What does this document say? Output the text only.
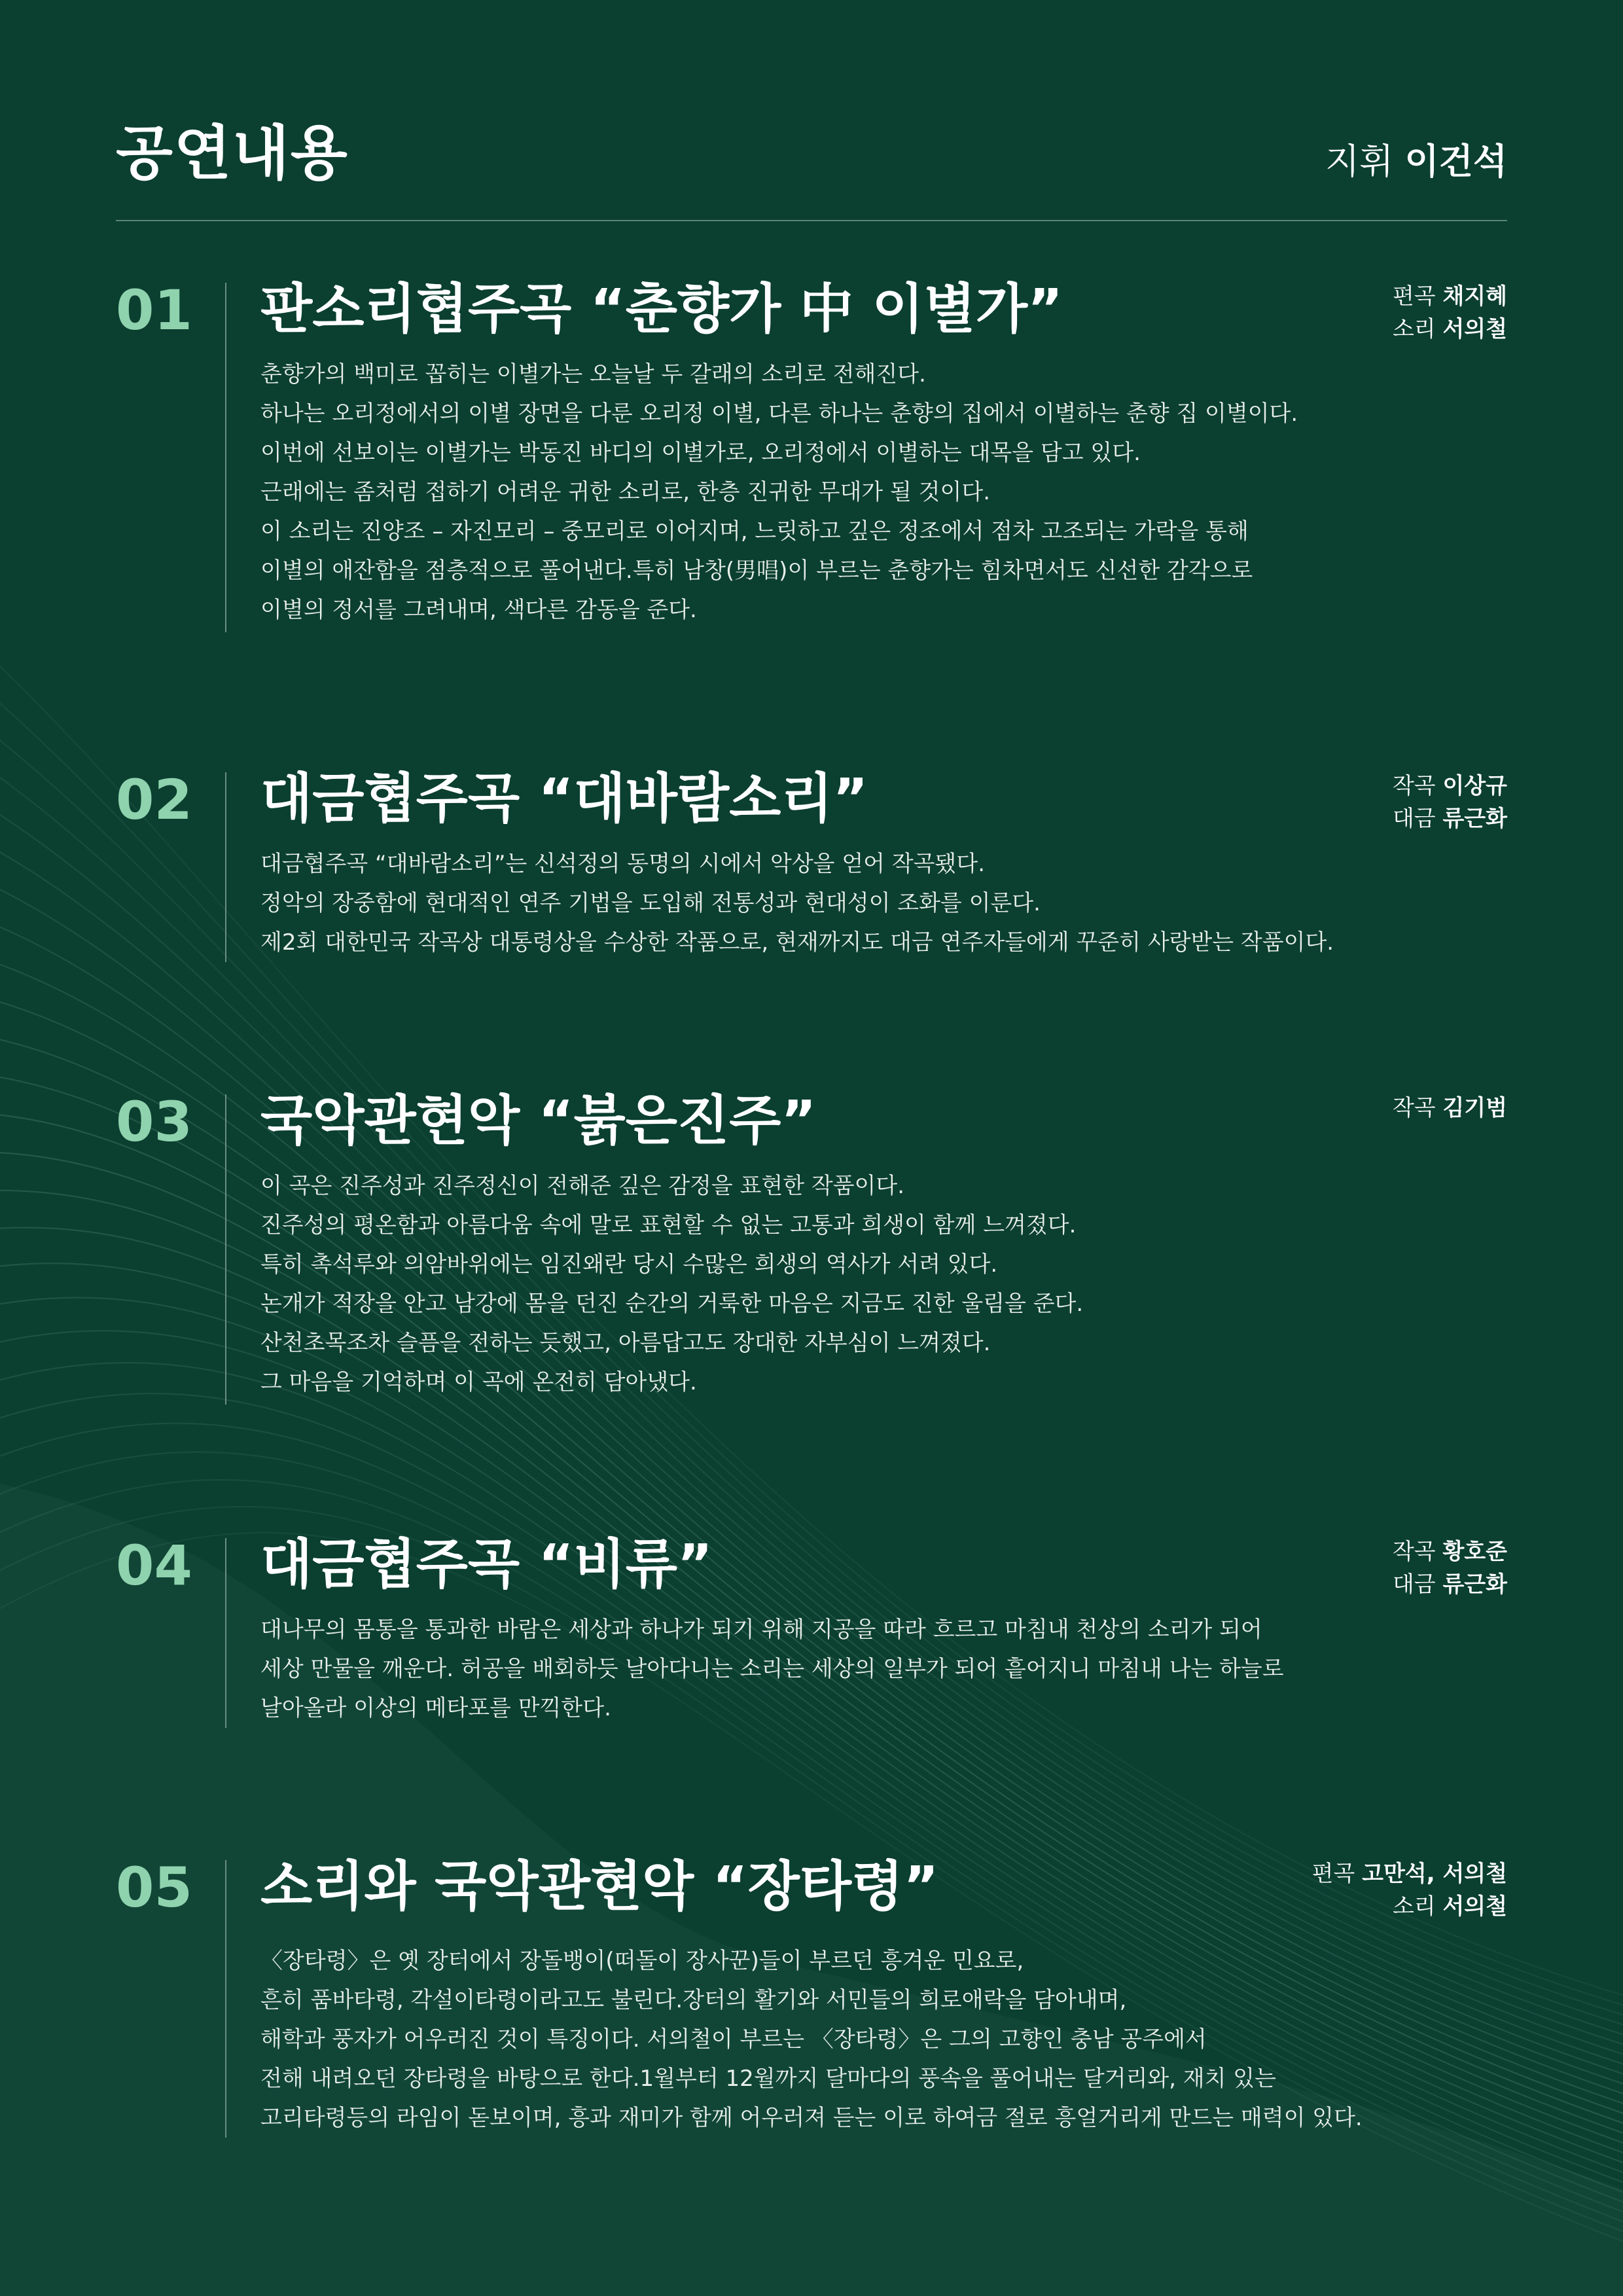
공연내용	지휘 이건석
01 판소리협주곡 “춘향가 中 이별가”	편곡 채지혜
소리 서의철
춘향가의 백미로 꼽히는 이별가는 오늘날 두 갈래의 소리로 전해진다.
하나는 오리정에서의 이별 장면을 다룬 오리정 이별, 다른 하나는 춘향의 집에서 이별하는 춘향 집 이별이다.
이번에 선보이는 이별가는 박동진 바디의 이별가로, 오리정에서 이별하는 대목을 담고 있다.
근래에는 좀처럼 접하기 어려운 귀한 소리로, 한층 진귀한 무대가 될 것이다.
이 소리는 진양조 – 자진모리 – 중모리로 이어지며, 느릿하고 깊은 정조에서 점차 고조되는 가락을 통해
이별의 애잔함을 점층적으로 풀어낸다.특히 남창(男唱)이 부르는 춘향가는 힘차면서도 신선한 감각으로
이별의 정서를 그려내며, 색다른 감동을 준다.
02 대금협주곡 “대바람소리”	작곡 이상규
대금 류근화
대금협주곡 “대바람소리”는 신석정의 동명의 시에서 악상을 얻어 작곡됐다.
정악의 장중함에 현대적인 연주 기법을 도입해 전통성과 현대성이 조화를 이룬다.
제2회 대한민국 작곡상 대통령상을 수상한 작품으로, 현재까지도 대금 연주자들에게 꾸준히 사랑받는 작품이다.
03 국악관현악 “붉은진주”	작곡 김기범
이 곡은 진주성과 진주정신이 전해준 깊은 감정을 표현한 작품이다.
진주성의 평온함과 아름다움 속에 말로 표현할 수 없는 고통과 희생이 함께 느껴졌다.
특히 촉석루와 의암바위에는 임진왜란 당시 수많은 희생의 역사가 서려 있다.
논개가 적장을 안고 남강에 몸을 던진 순간의 거룩한 마음은 지금도 진한 울림을 준다.
산천초목조차 슬픔을 전하는 듯했고, 아름답고도 장대한 자부심이 느껴졌다.
그 마음을 기억하며 이 곡에 온전히 담아냈다.
04 대금협주곡 “비류”	작곡 황호준
대금 류근화
대나무의 몸통을 통과한 바람은 세상과 하나가 되기 위해 지공을 따라 흐르고 마침내 천상의 소리가 되어
세상 만물을 깨운다. 허공을 배회하듯 날아다니는 소리는 세상의 일부가 되어 흩어지니 마침내 나는 하늘로
날아올라 이상의 메타포를 만끽한다.
05 소리와 국악관현악 “장타령”	편곡 고만석, 서의철
소리 서의철
〈장타령〉은 옛 장터에서 장돌뱅이(떠돌이 장사꾼)들이 부르던 흥겨운 민요로,
흔히 품바타령, 각설이타령이라고도 불린다.장터의 활기와 서민들의 희로애락을 담아내며,
해학과 풍자가 어우러진 것이 특징이다. 서의철이 부르는 〈장타령〉은 그의 고향인 충남 공주에서
전해 내려오던 장타령을 바탕으로 한다.1월부터 12월까지 달마다의 풍속을 풀어내는 달거리와, 재치 있는
고리타령등의 라임이 돋보이며, 흥과 재미가 함께 어우러져 듣는 이로 하여금 절로 흥얼거리게 만드는 매력이 있다.
